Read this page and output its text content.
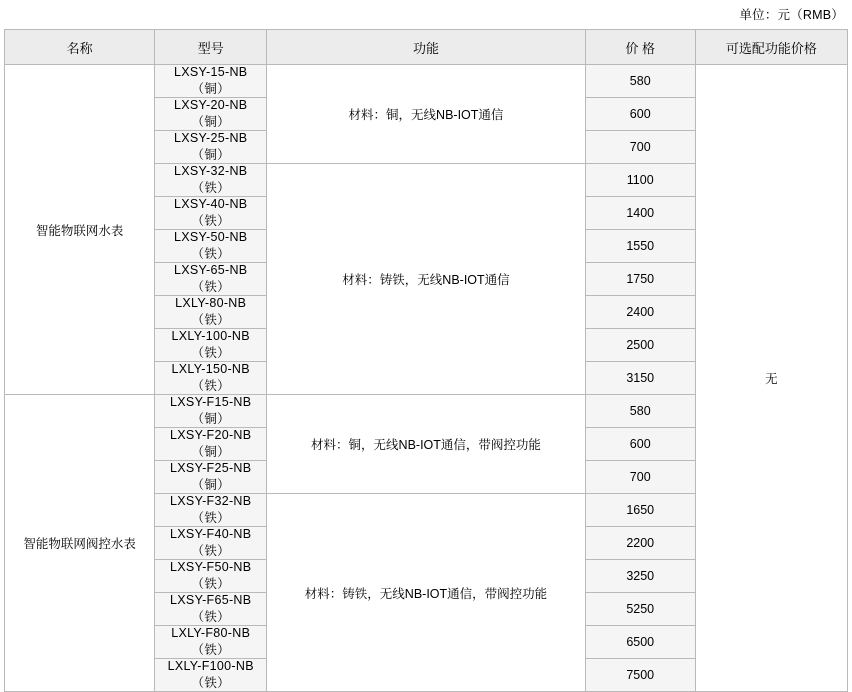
单位：元（RMB）
名称	型号	功能	价 格	可选配功能价格
智能物联网水表	LXSY-15-NB（铜）	材料：铜，无线NB-IOT通信	580	无
	LXSY-20-NB（铜）		600	
	LXSY-25-NB（铜）		700	
	LXSY-32-NB（铁）	材料：铸铁，无线NB-IOT通信	1100	
	LXSY-40-NB（铁）		1400	
	LXSY-50-NB（铁）		1550	
	LXSY-65-NB（铁）		1750	
	LXLY-80-NB（铁）		2400	
	LXLY-100-NB（铁）		2500	
	LXLY-150-NB（铁）		3150	
智能物联网阀控水表	LXSY-F15-NB（铜）	材料：铜，无线NB-IOT通信，带阀控功能	580	
	LXSY-F20-NB（铜）		600	
	LXSY-F25-NB（铜）		700	
	LXSY-F32-NB（铁）	材料：铸铁，无线NB-IOT通信，带阀控功能	1650	
	LXSY-F40-NB（铁）		2200	
	LXSY-F50-NB（铁）		3250	
	LXSY-F65-NB（铁）		5250	
	LXLY-F80-NB（铁）		6500	
	LXLY-F100-NB（铁）		7500	
